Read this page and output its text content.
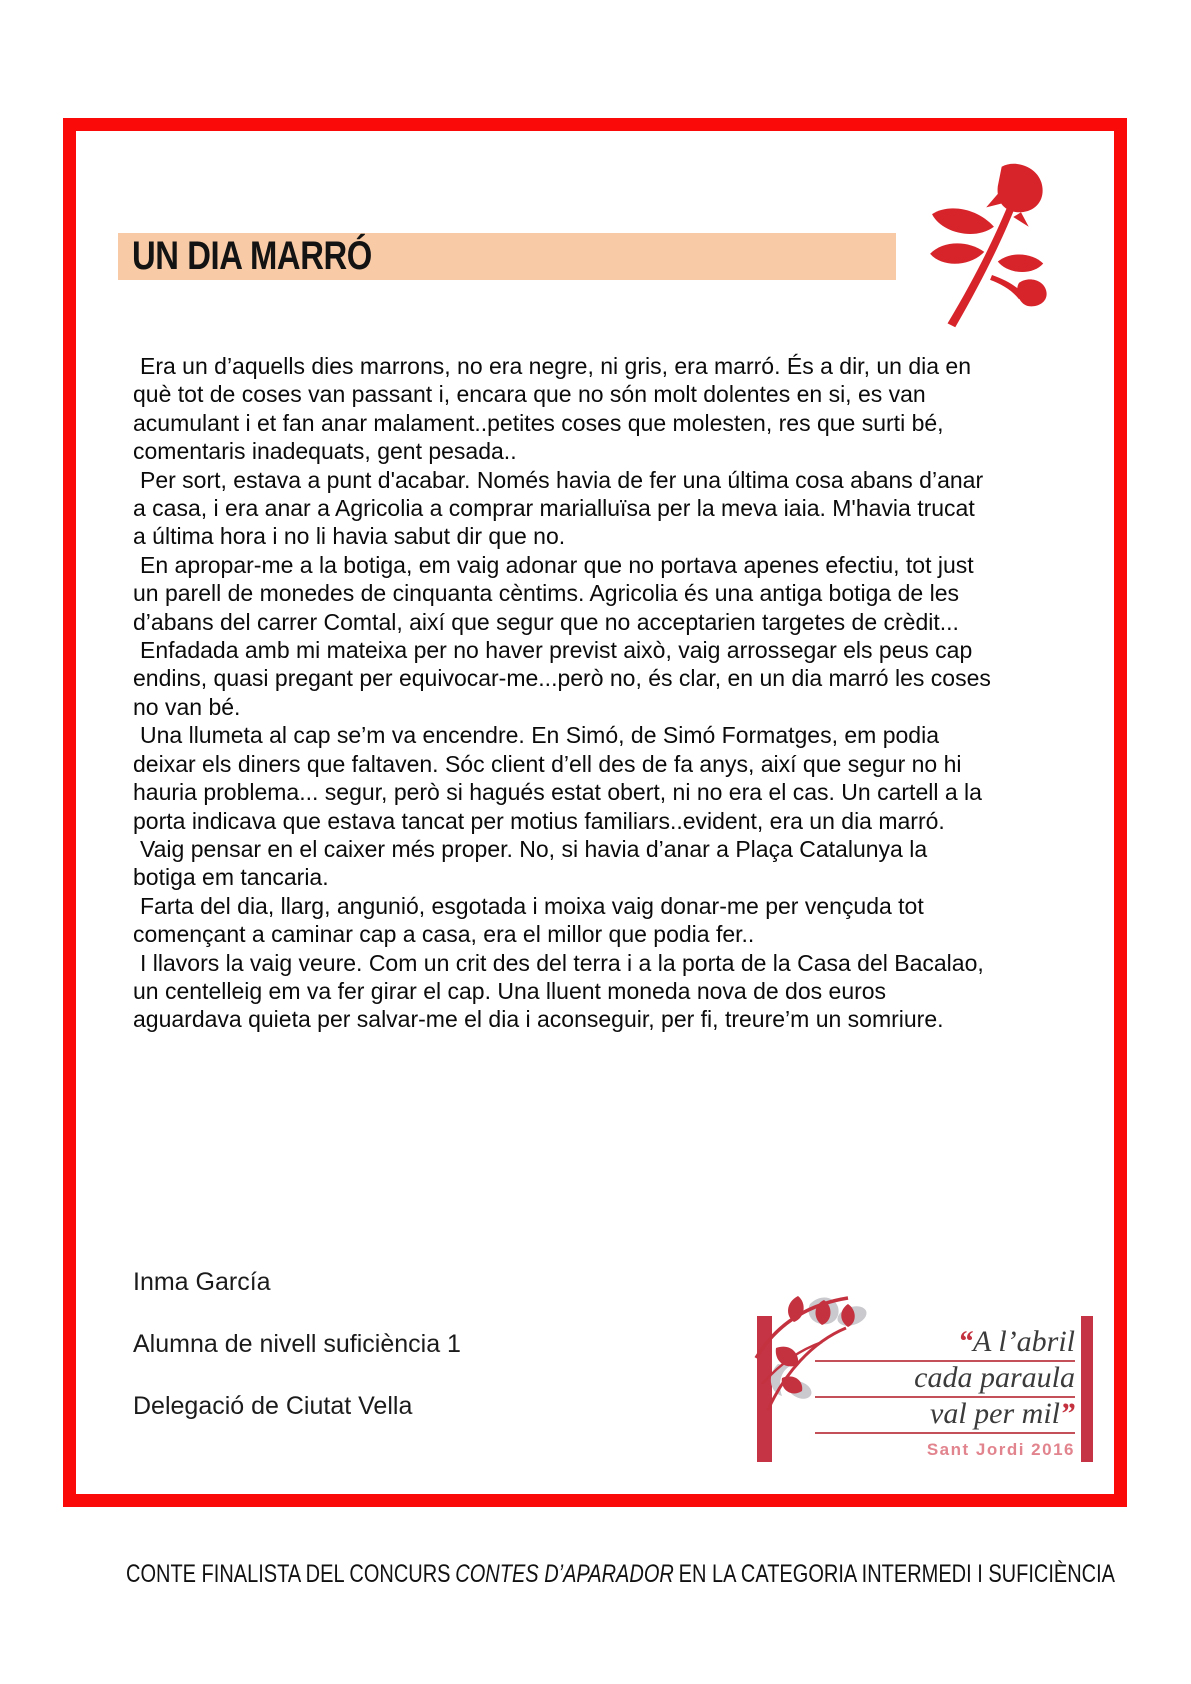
UN DIA MARRÓ

Era un d’aquells dies marrons, no era negre, ni gris, era marró. És a dir, un dia en què tot de coses van passant i, encara que no són molt dolentes en si, es van acumulant i et fan anar malament..petites coses que molesten, res que surti bé, comentaris inadequats, gent pesada..

Per sort, estava a punt d'acabar. Només havia de fer una última cosa abans d’anar a casa, i era anar a Agricolia a comprar marialluïsa per la meva iaia. M'havia trucat a última hora i no li havia sabut dir que no.

En apropar-me a la botiga, em vaig adonar que no portava apenes efectiu, tot just un parell de monedes de cinquanta cèntims. Agricolia és una antiga botiga de les d’abans del carrer Comtal, així que segur que no acceptarien targetes de crèdit...

Enfadada amb mi mateixa per no haver previst això, vaig arrossegar els peus cap endins, quasi pregant per equivocar-me...però no, és clar, en un dia marró les coses no van bé.

Una llumeta al cap se’m va encendre. En Simó, de Simó Formatges, em podia deixar els diners que faltaven. Sóc client d’ell des de fa anys, així que segur no hi hauria problema... segur, però si hagués estat obert, ni no era el cas. Un cartell a la porta indicava que estava tancat per motius familiars..evident, era un dia marró.

Vaig pensar en el caixer més proper. No, si havia d’anar a Plaça Catalunya la botiga em tancaria.

Farta del dia, llarg, angunió, esgotada i moixa vaig donar-me per vençuda tot començant a caminar cap a casa, era el millor que podia fer..

I llavors la vaig veure. Com un crit des del terra i a la porta de la Casa del Bacalao, un centelleig em va fer girar el cap. Una lluent moneda nova de dos euros aguardava quieta per salvar-me el dia i aconseguir, per fi, treure’m un somriure.

Inma García
Alumna de nivell suficiència 1
Delegació de Ciutat Vella
“A l’abril
cada paraula
val per mil”
Sant Jordi 2016
CONTE FINALISTA DEL CONCURS CONTES D’APARADOR EN LA CATEGORIA INTERMEDI I SUFICIÈNCIA
